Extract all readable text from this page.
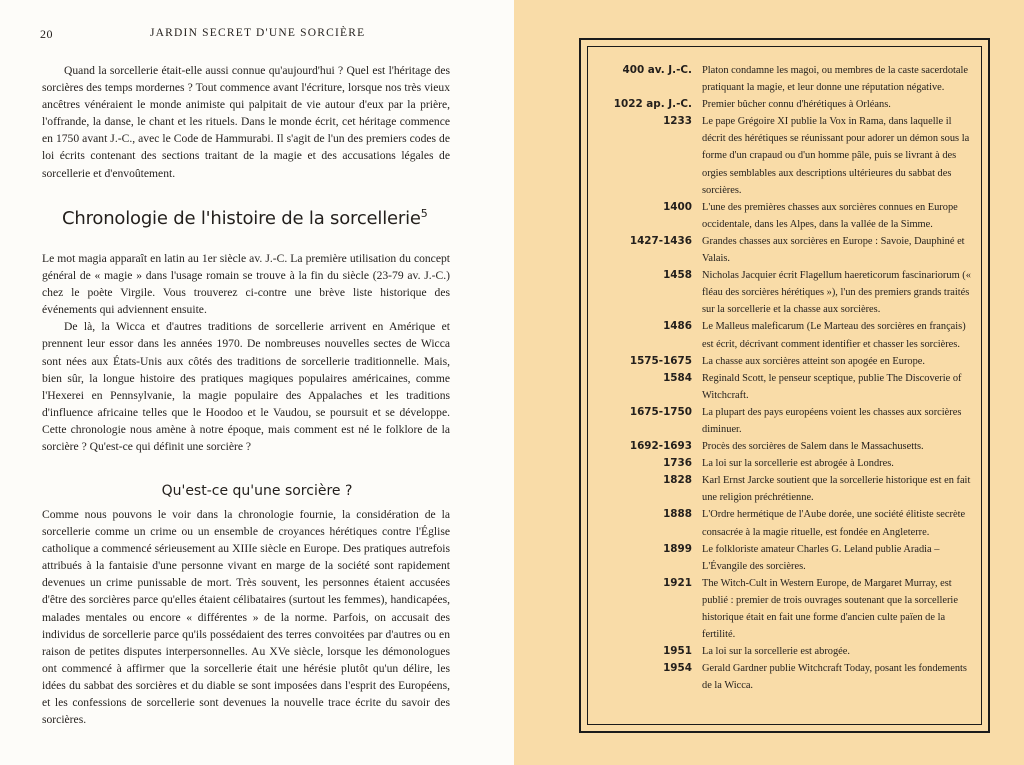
20	JARDIN SECRET D'UNE SORCIÈRE

Quand la sorcellerie était-elle aussi connue qu'aujourd'hui ? Quel est l'héritage des sorcières des temps mordernes ? Tout commence avant l'écriture, lorsque nos très vieux ancêtres vénéraient le monde animiste qui palpitait de vie autour d'eux par la prière, l'offrande, la danse, le chant et les rituels. Dans le monde écrit, cet héritage commence en 1750 avant J.-C., avec le Code de Hammurabi. Il s'agit de l'un des premiers codes de loi écrits contenant des sections traitant de la magie et des accusations légales de sorcellerie et d'envoûtement.

Chronologie de l'histoire de la sorcellerie$^5$

Le mot magia apparaît en latin au 1er siècle av. J.-C. La première utilisation du concept général de « magie » dans l'usage romain se trouve à la fin du siècle (23-79 av. J.-C.) chez le poète Virgile. Vous trouverez ci-contre une brève liste historique des événements qui adviennent ensuite.

De là, la Wicca et d'autres traditions de sorcellerie arrivent en Amérique et prennent leur essor dans les années 1970. De nombreuses nouvelles sectes de Wicca sont nées aux États-Unis aux côtés des traditions de sorcellerie traditionnelle. Mais, bien sûr, la longue histoire des pratiques magiques populaires américaines, comme l'Hexerei en Pennsylvanie, la magie populaire des Appalaches et les traditions d'influence africaine telles que le Hoodoo et le Vaudou, se poursuit et se développe. Cette chronologie nous amène à notre époque, mais comment est né le folklore de la sorcière ? Qu'est-ce qui définit une sorcière ?

Qu'est-ce qu'une sorcière ?

Comme nous pouvons le voir dans la chronologie fournie, la considération de la sorcellerie comme un crime ou un ensemble de croyances hérétiques contre l'Église catholique a commencé sérieusement au XIIIe siècle en Europe. Des pratiques autrefois attribués à la fantaisie d'une personne vivant en marge de la société sont rapidement devenues un crime punissable de mort. Très souvent, les personnes étaient accusées d'être des sorcières parce qu'elles étaient célibataires (surtout les femmes), handicapées, malades mentales ou encore « différentes » de la norme. Parfois, on accusait des individus de sorcellerie parce qu'ils possédaient des terres convoitées par d'autres ou en raison de petites disputes interpersonnelles. Au XVe siècle, lorsque les démonologues ont commencé à affirmer que la sorcellerie était une hérésie plutôt qu'un délire, les idées du sabbat des sorcières et du diable se sont imposées dans l'esprit des Européens, et les confessions de sorcellerie sont devenues la nouvelle trace écrite du savoir des sorcières.

400 av. J.-C. Platon condamne les magoi, ou membres de la caste sacerdotale pratiquant la magie, et leur donne une réputation négative.
1022 ap. J.-C. Premier bûcher connu d'hérétiques à Orléans.
1233 Le pape Grégoire XI publie la Vox in Rama, dans laquelle il décrit des hérétiques se réunissant pour adorer un démon sous la forme d'un crapaud ou d'un homme pâle, puis se livrant à des orgies semblables aux descriptions ultérieures du sabbat des sorcières.
1400 L'une des premières chasses aux sorcières connues en Europe occidentale, dans les Alpes, dans la vallée de la Simme.
1427-1436 Grandes chasses aux sorcières en Europe : Savoie, Dauphiné et Valais.
1458 Nicholas Jacquier écrit Flagellum haereticorum fascinariorum (« fléau des sorcières hérétiques »), l'un des premiers grands traités sur la sorcellerie et la chasse aux sorcières.
1486 Le Malleus maleficarum (Le Marteau des sorcières en français) est écrit, décrivant comment identifier et chasser les sorcières.
1575-1675 La chasse aux sorcières atteint son apogée en Europe.
1584 Reginald Scott, le penseur sceptique, publie The Discoverie of Witchcraft.
1675-1750 La plupart des pays européens voient les chasses aux sorcières diminuer.
1692-1693 Procès des sorcières de Salem dans le Massachusetts.
1736 La loi sur la sorcellerie est abrogée à Londres.
1828 Karl Ernst Jarcke soutient que la sorcellerie historique est en fait une religion préchrétienne.
1888 L'Ordre hermétique de l'Aube dorée, une société élitiste secrète consacrée à la magie rituelle, est fondée en Angleterre.
1899 Le folkloriste amateur Charles G. Leland publie Aradia – L'Évangile des sorcières.
1921 The Witch-Cult in Western Europe, de Margaret Murray, est publié : premier de trois ouvrages soutenant que la sorcellerie historique était en fait une forme d'ancien culte païen de la fertilité.
1951 La loi sur la sorcellerie est abrogée.
1954 Gerald Gardner publie Witchcraft Today, posant les fondements de la Wicca.
